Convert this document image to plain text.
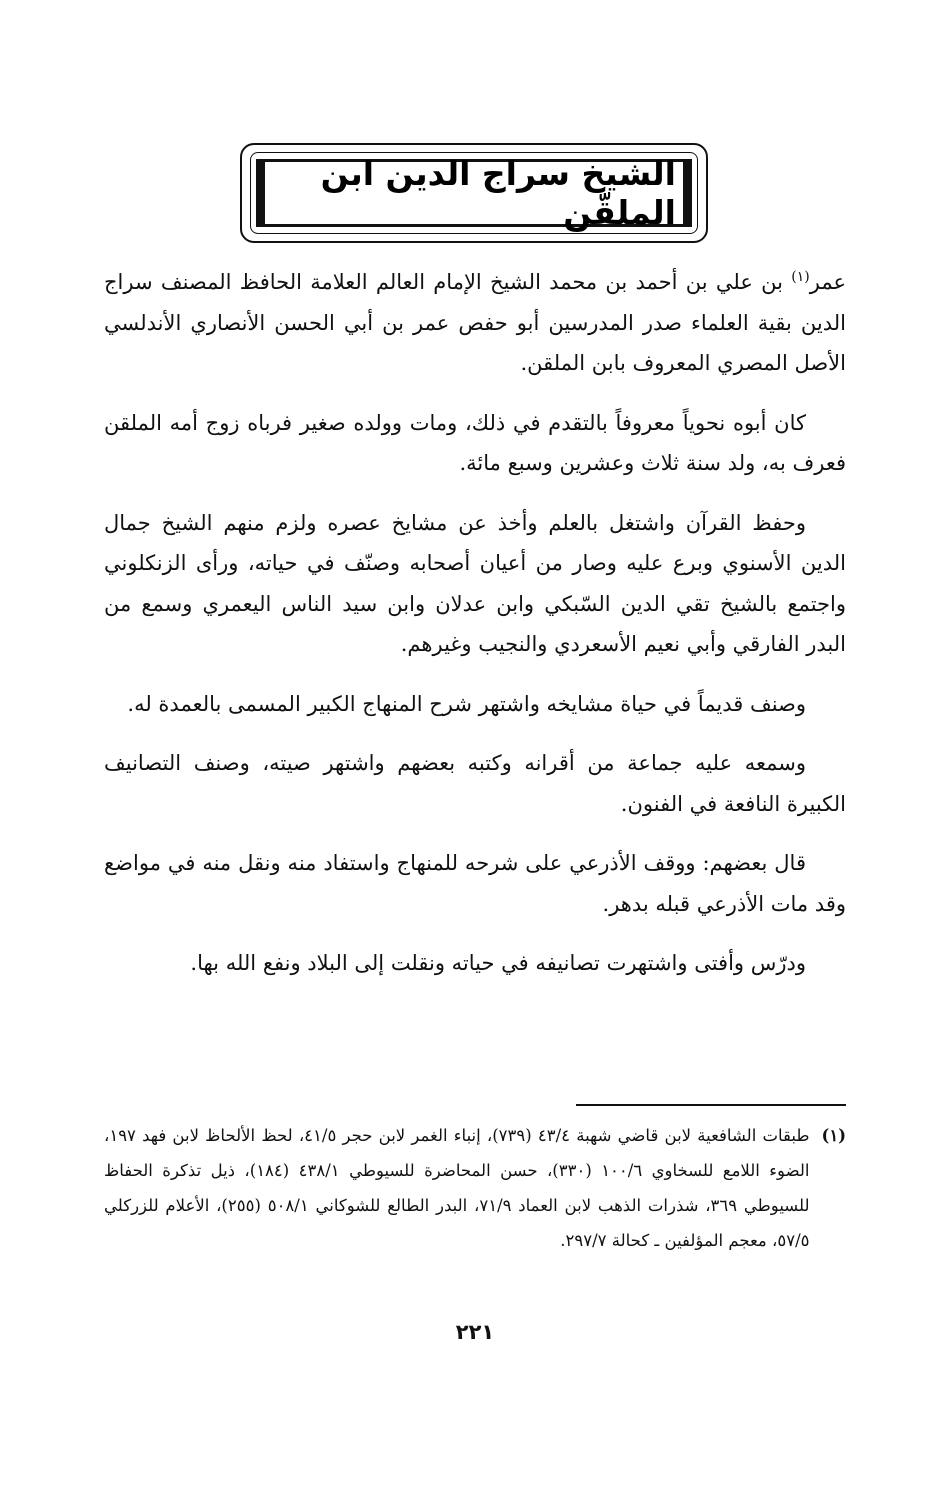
الشيخ سراج الدين ابن الملقّن

عمر$^{(١)}$ بن علي بن أحمد بن محمد الشيخ الإمام العالم العلامة الحافظ المصنف سراج الدين بقية العلماء صدر المدرسين أبو حفص عمر بن أبي الحسن الأنصاري الأندلسي الأصل المصري المعروف بابن الملقن.

كان أبوه نحوياً معروفاً بالتقدم في ذلك، ومات وولده صغير فرباه زوج أمه الملقن فعرف به، ولد سنة ثلاث وعشرين وسبع مائة.

وحفظ القرآن واشتغل بالعلم وأخذ عن مشايخ عصره ولزم منهم الشيخ جمال الدين الأسنوي وبرع عليه وصار من أعيان أصحابه وصنّف في حياته، ورأى الزنكلوني واجتمع بالشيخ تقي الدين السّبكي وابن عدلان وابن سيد الناس اليعمري وسمع من البدر الفارقي وأبي نعيم الأسعردي والنجيب وغيرهم.

وصنف قديماً في حياة مشايخه واشتهر شرح المنهاج الكبير المسمى بالعمدة له.

وسمعه عليه جماعة من أقرانه وكتبه بعضهم واشتهر صيته، وصنف التصانيف الكبيرة النافعة في الفنون.

قال بعضهم: ووقف الأذرعي على شرحه للمنهاج واستفاد منه ونقل منه في مواضع وقد مات الأذرعي قبله بدهر.

ودرّس وأفتى واشتهرت تصانيفه في حياته ونقلت إلى البلاد ونفع الله بها.

(١)
طبقات الشافعية لابن قاضي شهبة ٤٣/٤ (٧٣٩)، إنباء الغمر لابن حجر ٤١/٥، لحظ الألحاظ لابن فهد ١٩٧، الضوء اللامع للسخاوي ١٠٠/٦ (٣٣٠)، حسن المحاضرة للسيوطي ٤٣٨/١ (١٨٤)، ذيل تذكرة الحفاظ للسيوطي ٣٦٩، شذرات الذهب لابن العماد ٧١/٩، البدر الطالع للشوكاني ٥٠٨/١ (٢٥٥)، الأعلام للزركلي ٥٧/٥، معجم المؤلفين ـ كحالة ٢٩٧/٧.
٢٢١
